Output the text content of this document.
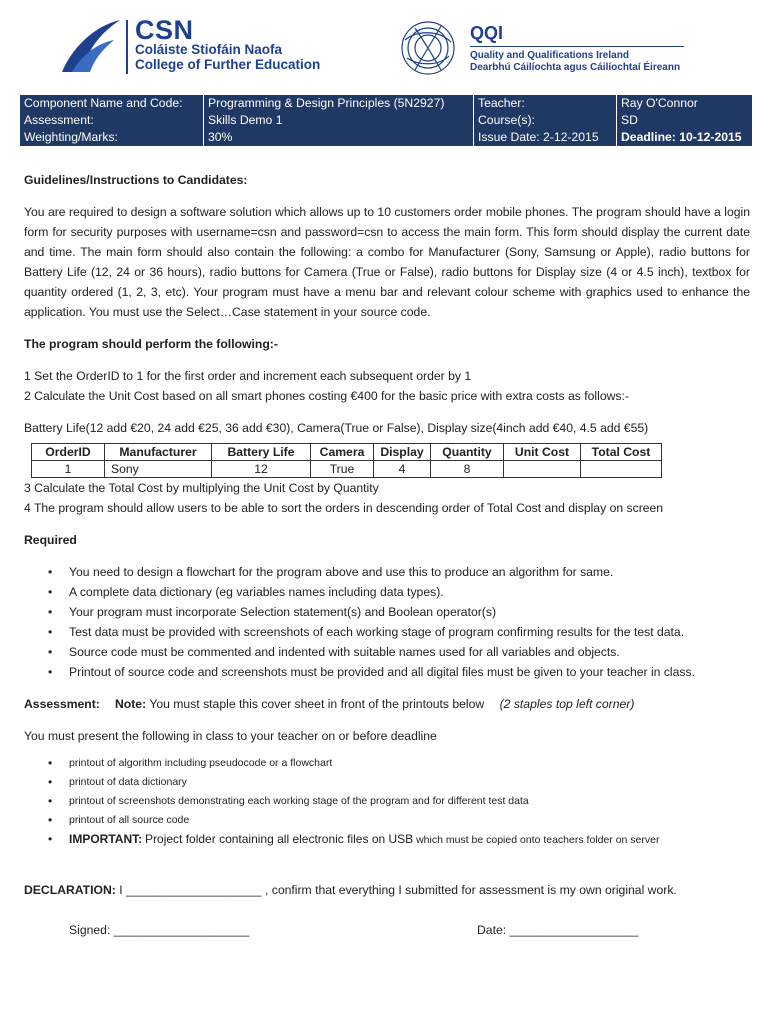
CSN
CSN
Coláiste Stiofáin Naofa
College of Further Education
QQI
Quality and Qualifications Ireland
Dearbhú Cáilíochta agus Cáilíochtaí Éireann
Component Name and Code:	Programming & Design Principles (5N2927)	Teacher:	Ray O'Connor
Assessment:	Skills Demo 1	Course(s):	SD
Weighting/Marks:	30%	Issue Date: 2-12-2015	Deadline: 10-12-2015

Guidelines/Instructions to Candidates:

You are required to design a software solution which allows up to 10 customers order mobile phones. The program should have a login form for security purposes with username=csn and password=csn to access the main form. This form should display the current date and time. The main form should also contain the following: a combo for Manufacturer (Sony, Samsung or Apple), radio buttons for Battery Life (12, 24 or 36 hours), radio buttons for Camera (True or False), radio buttons for Display size (4 or 4.5 inch), textbox for quantity ordered (1, 2, 3, etc). Your program must have a menu bar and relevant colour scheme with graphics used to enhance the application. You must use the Select…Case statement in your source code.

The program should perform the following:-

1 Set the OrderID to 1 for the first order and increment each subsequent order by 1

2 Calculate the Unit Cost based on all smart phones costing €400 for the basic price with extra costs as follows:-

Battery Life(12 add €20, 24 add €25, 36 add €30), Camera(True or False), Display size(4inch add €40, 4.5 add €55)

OrderID	Manufacturer	Battery Life	Camera	Display	Quantity	Unit Cost	Total Cost
1	Sony	12	True	4	8		

3 Calculate the Total Cost by multiplying the Unit Cost by Quantity

4 The program should allow users to be able to sort the orders in descending order of Total Cost and display on screen

Required

• You need to design a flowchart for the program above and use this to produce an algorithm for same.
• A complete data dictionary (eg variables names including data types).
• Your program must incorporate Selection statement(s) and Boolean operator(s)
• Test data must be provided with screenshots of each working stage of program confirming results for the test data.
• Source code must be commented and indented with suitable names used for all variables and objects.
• Printout of source code and screenshots must be provided and all digital files must be given to your teacher in class.

Assessment: Note: You must staple this cover sheet in front of the printouts below (2 staples top left corner)

You must present the following in class to your teacher on or before deadline

• printout of algorithm including pseudocode or a flowchart
• printout of data dictionary
• printout of screenshots demonstrating each working stage of the program and for different test data
• printout of all source code
• IMPORTANT: Project folder containing all electronic files on USB which must be copied onto teachers folder on server

DECLARATION: I ____________________ , confirm that everything I submitted for assessment is my own original work.

Signed: ____________________	Date: ___________________
